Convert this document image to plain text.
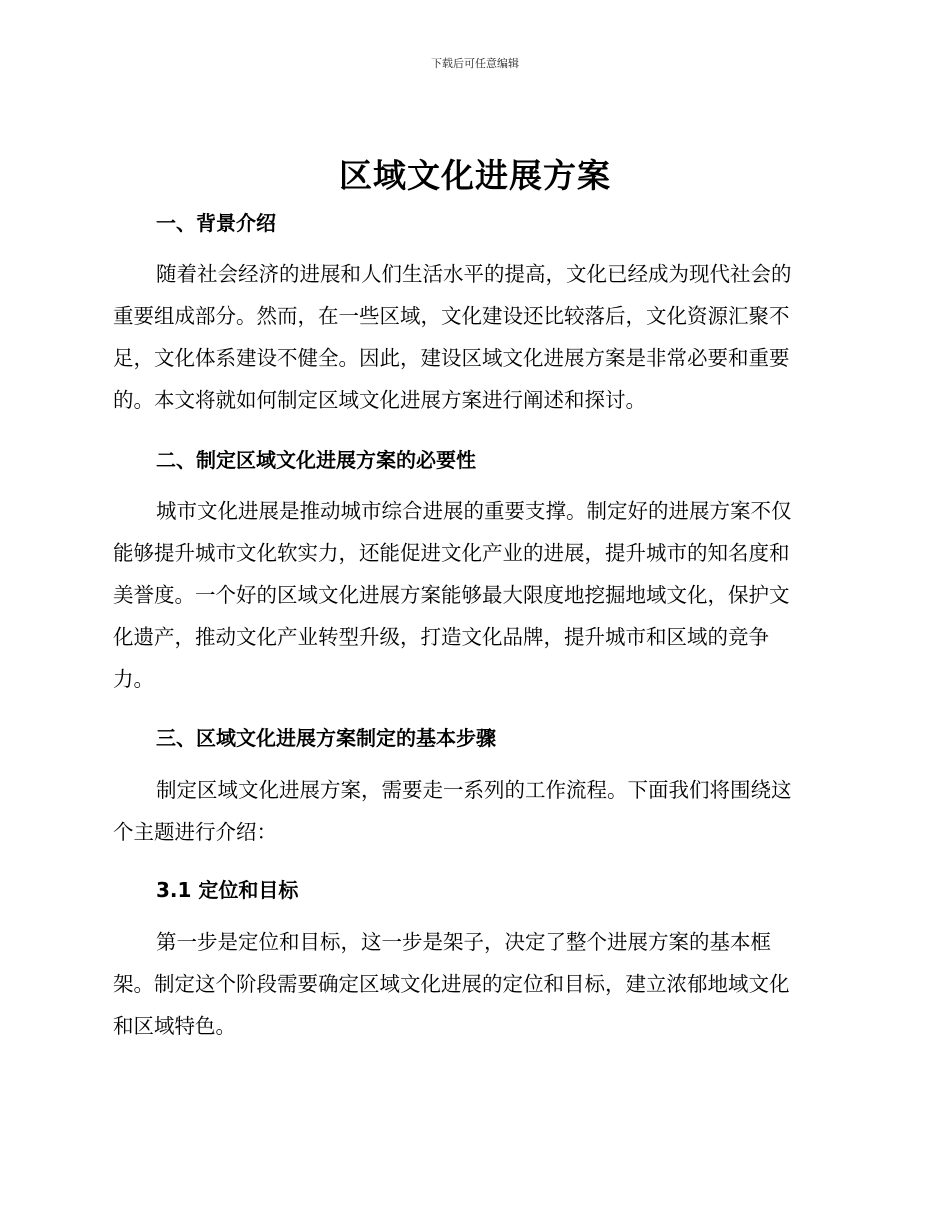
下载后可任意编辑
区域文化进展方案
一、背景介绍
随着社会经济的进展和人们生活水平的提高，文化已经成为现代社会的
重要组成部分。然而，在一些区域，文化建设还比较落后，文化资源汇聚不
足，文化体系建设不健全。因此，建设区域文化进展方案是非常必要和重要
的。本文将就如何制定区域文化进展方案进行阐述和探讨。
二、制定区域文化进展方案的必要性
城市文化进展是推动城市综合进展的重要支撑。制定好的进展方案不仅
能够提升城市文化软实力，还能促进文化产业的进展，提升城市的知名度和
美誉度。一个好的区域文化进展方案能够最大限度地挖掘地域文化，保护文
化遗产，推动文化产业转型升级，打造文化品牌，提升城市和区域的竞争
力。
三、区域文化进展方案制定的基本步骤
制定区域文化进展方案，需要走一系列的工作流程。下面我们将围绕这
个主题进行介绍：
3.1 定位和目标
第一步是定位和目标，这一步是架子，决定了整个进展方案的基本框
架。制定这个阶段需要确定区域文化进展的定位和目标，建立浓郁地域文化
和区域特色。
